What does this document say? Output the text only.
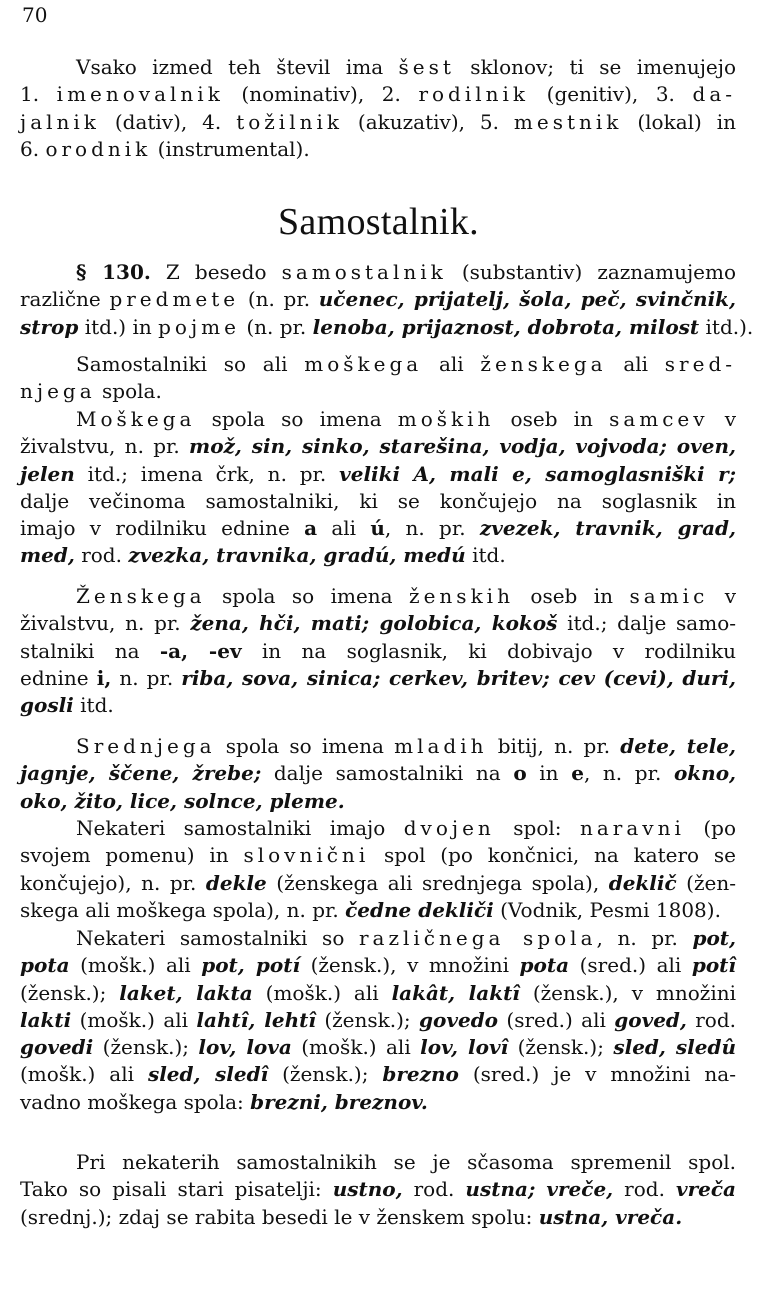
70
Vsako izmed teh števil ima šest sklonov; ti se imenujejo
1. imenovalnik (nominativ), 2. rodilnik (genitiv), 3. da-
jalnik (dativ), 4. tožilnik (akuzativ), 5. mestnik (lokal) in
6. orodnik (instrumental).
Samostalnik.
§ 130. Z besedo samostalnik (substantiv) zaznamujemo
različne predmete (n. pr. učenec, prijatelj, šola, peč, svinčnik,
strop itd.) in pojme (n. pr. lenoba, prijaznost, dobrota, milost itd.).
Samostalniki so ali moškega ali ženskega ali sred-
njega spola.
Moškega spola so imena moških oseb in samcev v
živalstvu, n. pr. mož, sin, sinko, starešina, vodja, vojvoda; oven,
jelen itd.; imena črk, n. pr. veliki A, mali e, samoglasniški r;
dalje večinoma samostalniki, ki se končujejo na soglasnik in
imajo v rodilniku ednine a ali ú, n. pr. zvezek, travnik, grad,
med, rod. zvezka, travnika, gradú, medú itd.
Ženskega spola so imena ženskih oseb in samic v
živalstvu, n. pr. žena, hči, mati; golobica, kokoš itd.; dalje samo-
stalniki na -a, -ev in na soglasnik, ki dobivajo v rodilniku
ednine i, n. pr. riba, sova, sinica; cerkev, britev; cev (cevi), duri,
gosli itd.
Srednjega spola so imena mladih bitij, n. pr. dete, tele,
jagnje, ščene, žrebe; dalje samostalniki na o in e, n. pr. okno,
oko, žito, lice, solnce, pleme.
Nekateri samostalniki imajo dvojen spol: naravni (po
svojem pomenu) in slovnični spol (po končnici, na katero se
končujejo), n. pr. dekle (ženskega ali srednjega spola), deklič (žen-
skega ali moškega spola), n. pr. čedne dekliči (Vodnik, Pesmi 1808).
Nekateri samostalniki so različnega spola, n. pr. pot,
pota (mošk.) ali pot, potí (žensk.), v množini pota (sred.) ali potî
(žensk.); laket, lakta (mošk.) ali lakât, laktî (žensk.), v množini
lakti (mošk.) ali lahtî, lehtî (žensk.); govedo (sred.) ali goved, rod.
govedi (žensk.); lov, lova (mošk.) ali lov, lovî (žensk.); sled, sledû
(mošk.) ali sled, sledî (žensk.); brezno (sred.) je v množini na-
vadno moškega spola: brezni, breznov.
Pri nekaterih samostalnikih se je sčasoma spremenil spol.
Tako so pisali stari pisatelji: ustno, rod. ustna; vreče, rod. vreča
(srednj.); zdaj se rabita besedi le v ženskem spolu: ustna, vreča.
